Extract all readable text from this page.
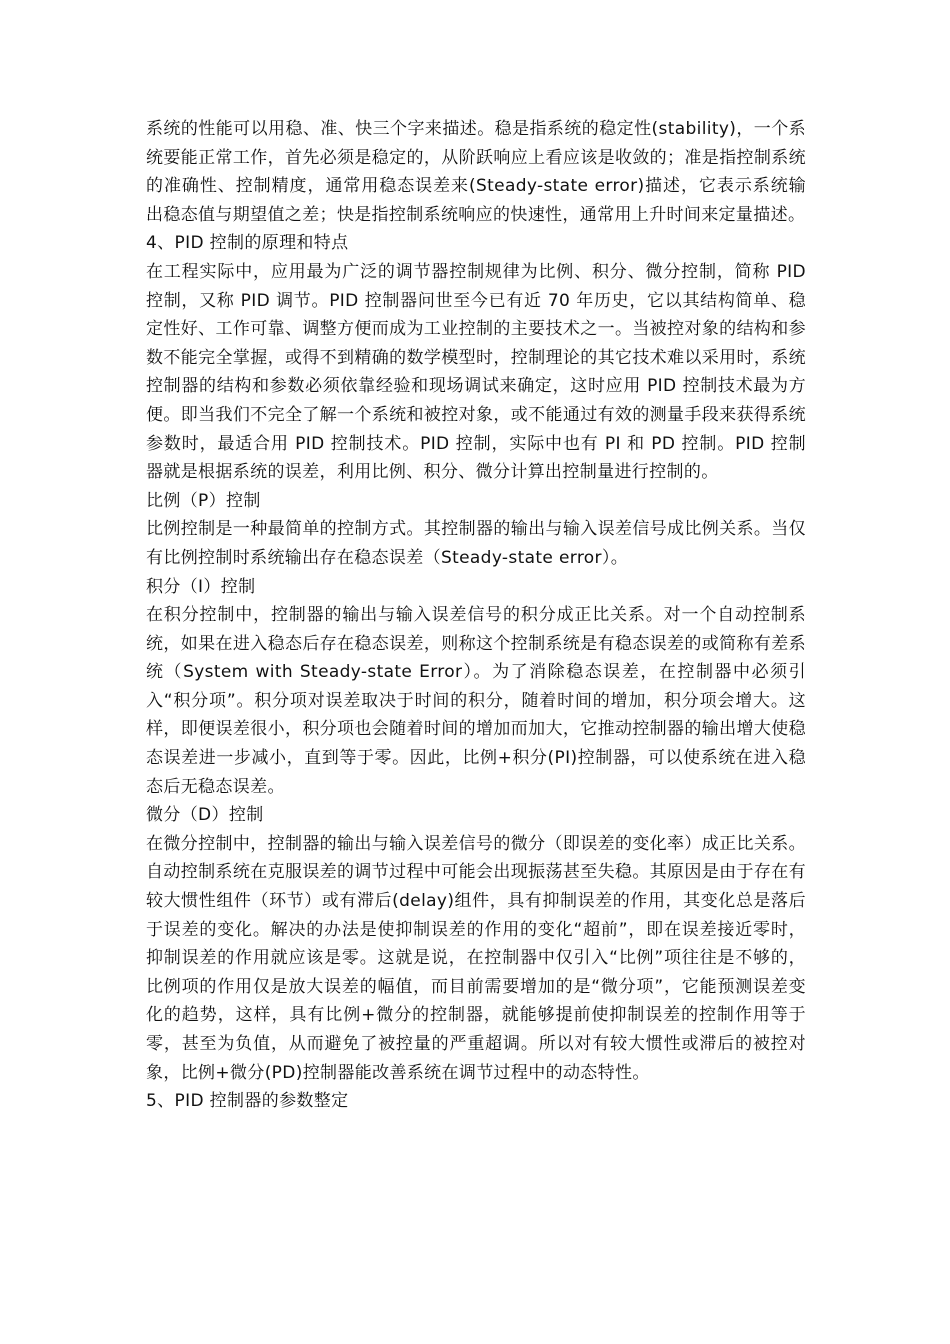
系统的性能可以用稳、准、快三个字来描述。稳是指系统的稳定性(stability)，一个系统要能正常工作，首先必须是稳定的，从阶跃响应上看应该是收敛的；准是指控制系统的准确性、控制精度，通常用稳态误差来(Steady-state error)描述，它表示系统输出稳态值与期望值之差；快是指控制系统响应的快速性，通常用上升时间来定量描述。

4、PID 控制的原理和特点

在工程实际中，应用最为广泛的调节器控制规律为比例、积分、微分控制，简称 PID 控制，又称 PID 调节。PID 控制器问世至今已有近 70 年历史，它以其结构简单、稳定性好、工作可靠、调整方便而成为工业控制的主要技术之一。当被控对象的结构和参数不能完全掌握，或得不到精确的数学模型时，控制理论的其它技术难以采用时，系统控制器的结构和参数必须依靠经验和现场调试来确定，这时应用 PID 控制技术最为方便。即当我们不完全了解一个系统和被控对象，或不能通过有效的测量手段来获得系统参数时，最适合用 PID 控制技术。PID 控制，实际中也有 PI 和 PD 控制。PID 控制器就是根据系统的误差，利用比例、积分、微分计算出控制量进行控制的。

比例（P）控制

比例控制是一种最简单的控制方式。其控制器的输出与输入误差信号成比例关系。当仅有比例控制时系统输出存在稳态误差（Steady-state error）。

积分（I）控制

在积分控制中，控制器的输出与输入误差信号的积分成正比关系。对一个自动控制系统，如果在进入稳态后存在稳态误差，则称这个控制系统是有稳态误差的或简称有差系统（System with Steady-state Error）。为了消除稳态误差，在控制器中必须引入“积分项”。积分项对误差取决于时间的积分，随着时间的增加，积分项会增大。这样，即便误差很小，积分项也会随着时间的增加而加大，它推动控制器的输出增大使稳态误差进一步减小，直到等于零。因此，比例+积分(PI)控制器，可以使系统在进入稳态后无稳态误差。

微分（D）控制

在微分控制中，控制器的输出与输入误差信号的微分（即误差的变化率）成正比关系。 自动控制系统在克服误差的调节过程中可能会出现振荡甚至失稳。其原因是由于存在有较大惯性组件（环节）或有滞后(delay)组件，具有抑制误差的作用，其变化总是落后于误差的变化。解决的办法是使抑制误差的作用的变化“超前”，即在误差接近零时，抑制误差的作用就应该是零。这就是说，在控制器中仅引入“比例”项往往是不够的，比例项的作用仅是放大误差的幅值，而目前需要增加的是“微分项”，它能预测误差变化的趋势，这样，具有比例+微分的控制器，就能够提前使抑制误差的控制作用等于零，甚至为负值，从而避免了被控量的严重超调。所以对有较大惯性或滞后的被控对象，比例+微分(PD)控制器能改善系统在调节过程中的动态特性。

5、PID 控制器的参数整定
